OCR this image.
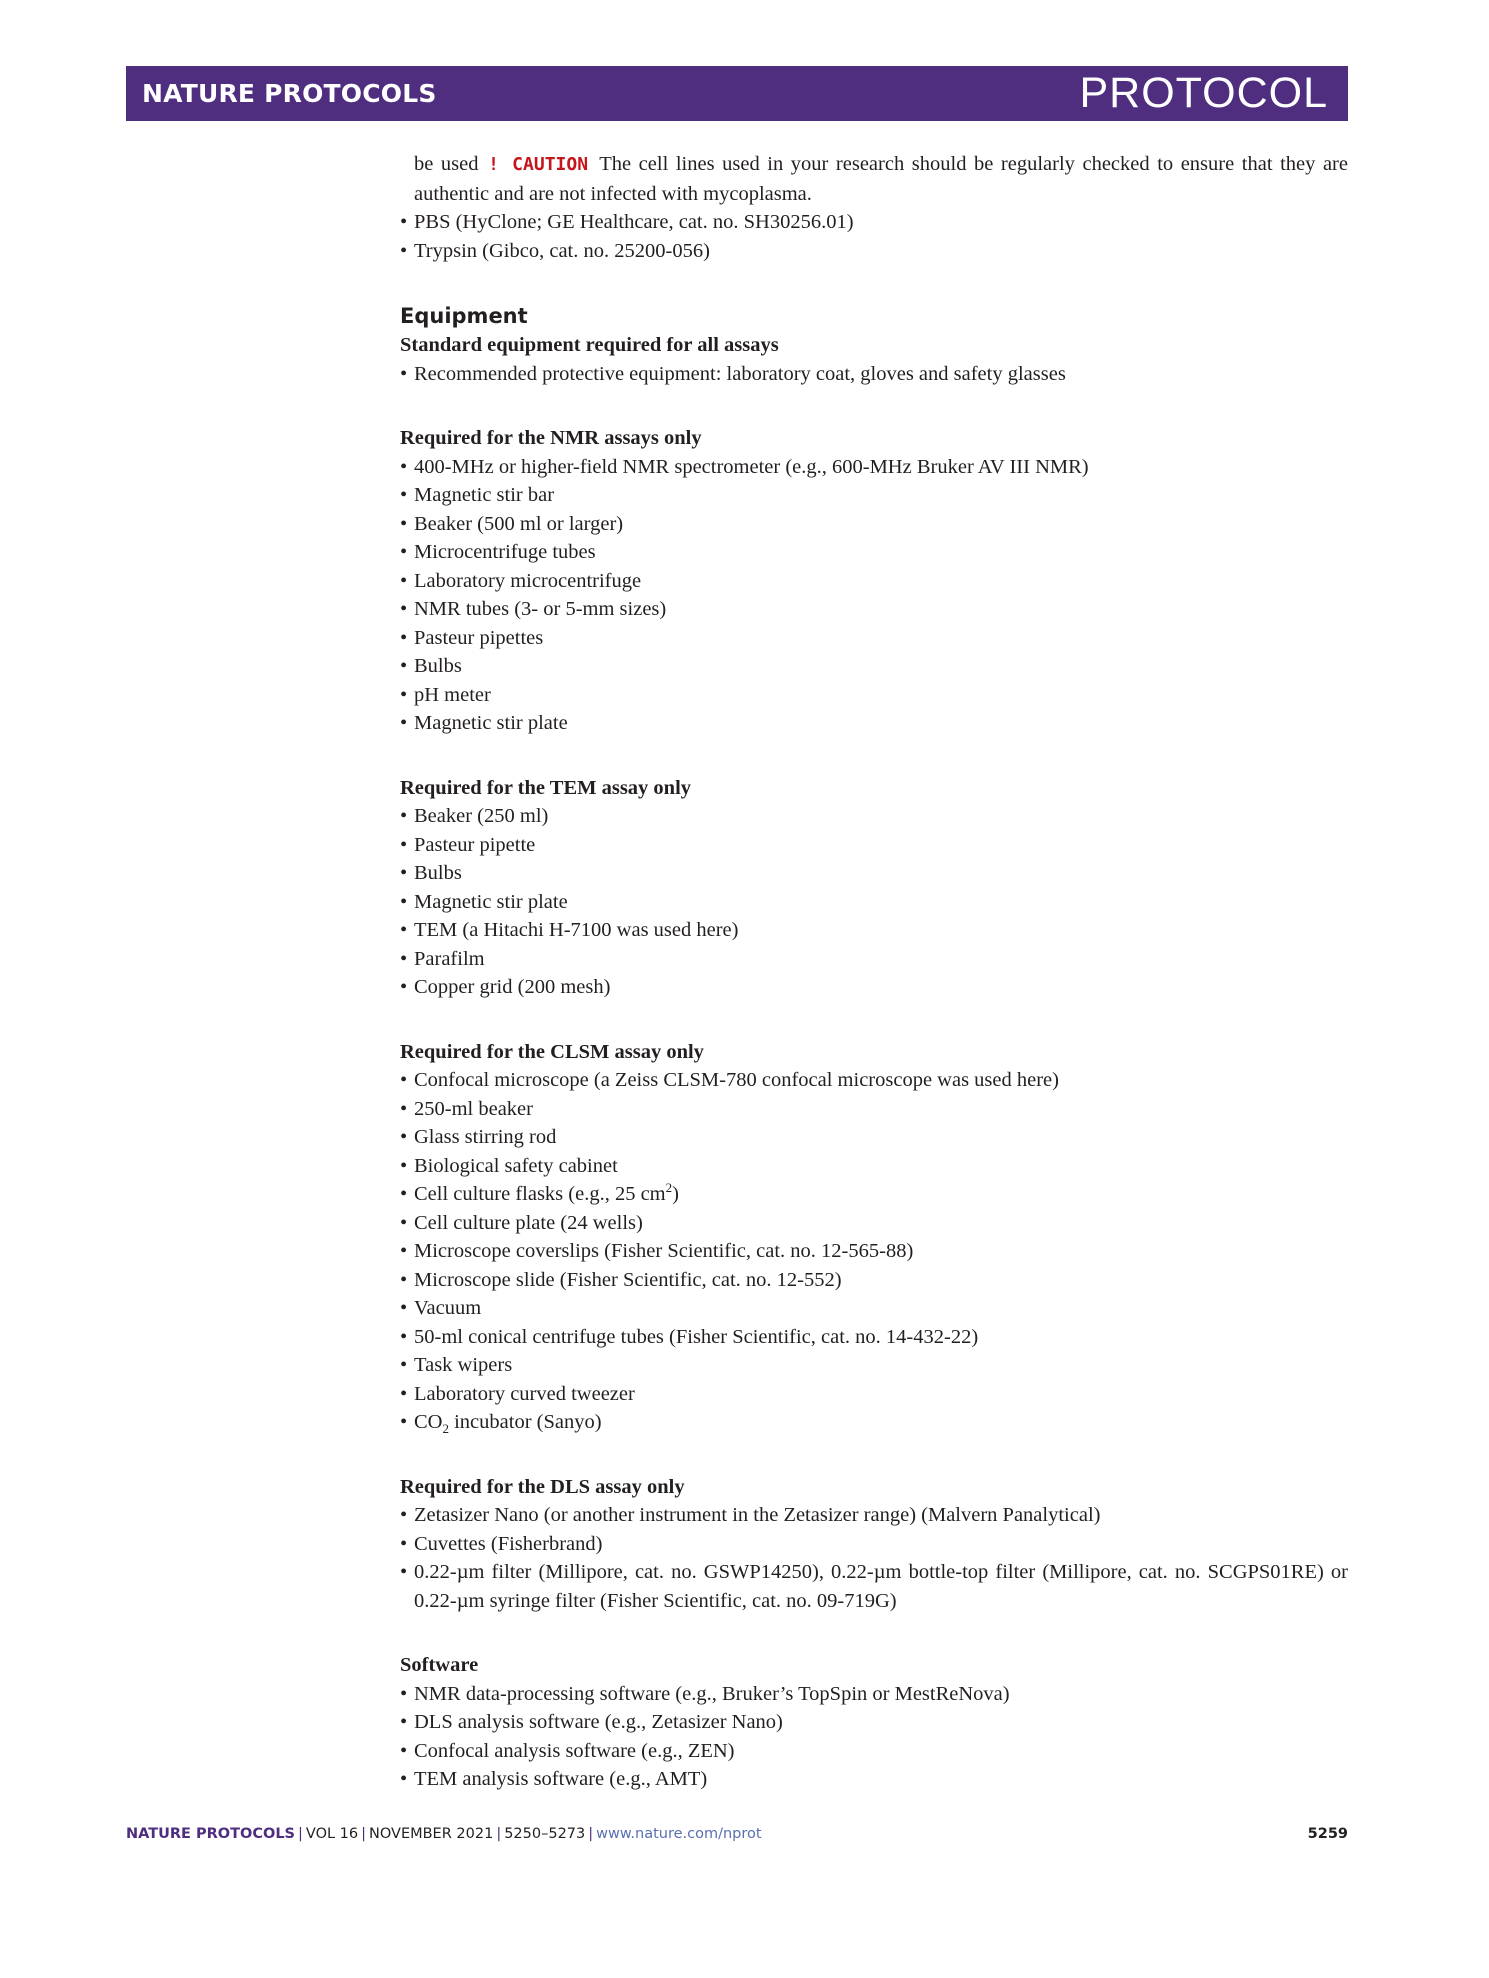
NATURE PROTOCOLS	PROTOCOL

be used ! CAUTION The cell lines used in your research should be regularly checked to ensure that they are authentic and are not infected with mycoplasma.

• PBS (HyClone; GE Healthcare, cat. no. SH30256.01)
• Trypsin (Gibco, cat. no. 25200-056)
Equipment

Standard equipment required for all assays

• Recommended protective equipment: laboratory coat, gloves and safety glasses

Required for the NMR assays only

• 400-MHz or higher-field NMR spectrometer (e.g., 600-MHz Bruker AV III NMR)
• Magnetic stir bar
• Beaker (500 ml or larger)
• Microcentrifuge tubes
• Laboratory microcentrifuge
• NMR tubes (3- or 5-mm sizes)
• Pasteur pipettes
• Bulbs
• pH meter
• Magnetic stir plate

Required for the TEM assay only

• Beaker (250 ml)
• Pasteur pipette
• Bulbs
• Magnetic stir plate
• TEM (a Hitachi H-7100 was used here)
• Parafilm
• Copper grid (200 mesh)

Required for the CLSM assay only

• Confocal microscope (a Zeiss CLSM-780 confocal microscope was used here)
• 250-ml beaker
• Glass stirring rod
• Biological safety cabinet
• Cell culture flasks (e.g., 25 $cm^2$)
• Cell culture plate (24 wells)
• Microscope coverslips (Fisher Scientific, cat. no. 12-565-88)
• Microscope slide (Fisher Scientific, cat. no. 12-552)
• Vacuum
• 50-ml conical centrifuge tubes (Fisher Scientific, cat. no. 14-432-22)
• Task wipers
• Laboratory curved tweezer
• $CO_2$ incubator (Sanyo)

Required for the DLS assay only

• Zetasizer Nano (or another instrument in the Zetasizer range) (Malvern Panalytical)
• Cuvettes (Fisherbrand)
• 0.22-µm filter (Millipore, cat. no. GSWP14250), 0.22-µm bottle-top filter (Millipore, cat. no. SCGPS01RE) or 0.22-µm syringe filter (Fisher Scientific, cat. no. 09-719G)

Software

• NMR data-processing software (e.g., Bruker’s TopSpin or MestReNova)
• DLS analysis software (e.g., Zetasizer Nano)
• Confocal analysis software (e.g., ZEN)
• TEM analysis software (e.g., AMT)
NATURE PROTOCOLS | VOL 16 | NOVEMBER 2021 | 5250–5273 | www.nature.com/nprot	5259
